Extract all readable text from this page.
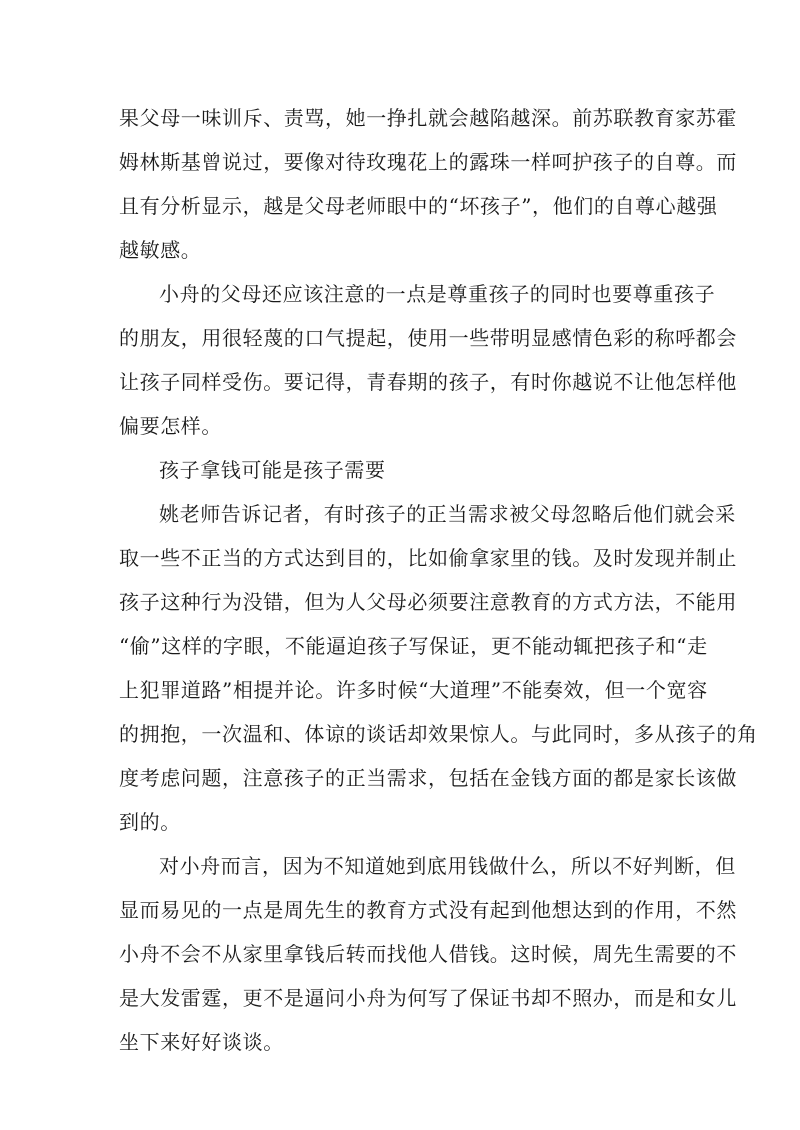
果父母一味训斥、责骂，她一挣扎就会越陷越深。前苏联教育家苏霍
姆林斯基曾说过，要像对待玫瑰花上的露珠一样呵护孩子的自尊。而
且有分析显示，越是父母老师眼中的“坏孩子”，他们的自尊心越强
越敏感。
小舟的父母还应该注意的一点是尊重孩子的同时也要尊重孩子
的朋友，用很轻蔑的口气提起，使用一些带明显感情色彩的称呼都会
让孩子同样受伤。要记得，青春期的孩子，有时你越说不让他怎样他
偏要怎样。
孩子拿钱可能是孩子需要
姚老师告诉记者，有时孩子的正当需求被父母忽略后他们就会采
取一些不正当的方式达到目的，比如偷拿家里的钱。及时发现并制止
孩子这种行为没错，但为人父母必须要注意教育的方式方法，不能用
“偷”这样的字眼，不能逼迫孩子写保证，更不能动辄把孩子和“走
上犯罪道路”相提并论。许多时候“大道理”不能奏效，但一个宽容
的拥抱，一次温和、体谅的谈话却效果惊人。与此同时，多从孩子的角
度考虑问题，注意孩子的正当需求，包括在金钱方面的都是家长该做
到的。
对小舟而言，因为不知道她到底用钱做什么，所以不好判断，但
显而易见的一点是周先生的教育方式没有起到他想达到的作用，不然
小舟不会不从家里拿钱后转而找他人借钱。这时候，周先生需要的不
是大发雷霆，更不是逼问小舟为何写了保证书却不照办，而是和女儿
坐下来好好谈谈。
